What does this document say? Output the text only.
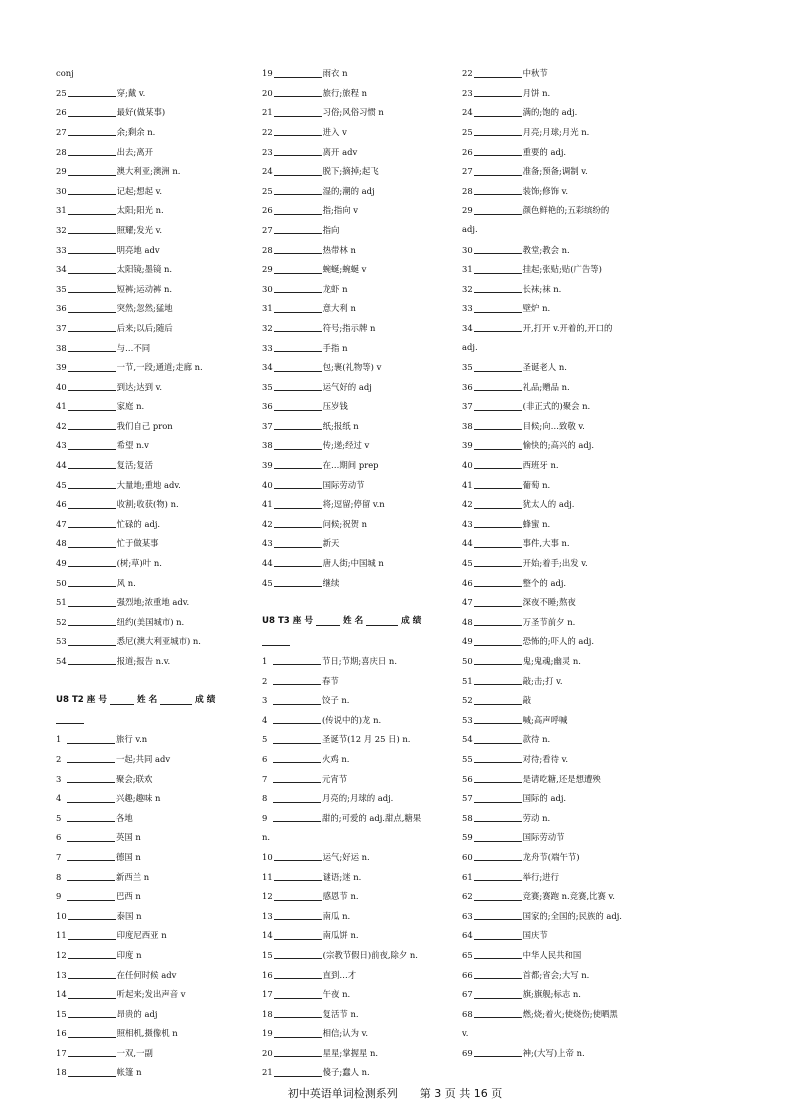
conj
25	穿;戴 v.
26	最好(做某事)
27	余;剩余 n.
28	出去;离开
29	澳大利亚;澳洲 n.
30	记起;想起 v.
31	太阳;阳光 n.
32	照耀;发光 v.
33	明亮地 adv
34	太阳镜;墨镜 n.
35	短裤;运动裤 n.
36	突然;忽然;猛地
37	后来;以后;随后
38	与…不同
39	一节,一段;通道;走廊 n.
40	到达;达到 v.
41	家庭 n.
42	我们自己 pron
43	希望 n.v
44	复活;复活
45	大量地;重地 adv.
46	收割;收获(物) n.
47	忙碌的 adj.
48	忙于做某事
49	(树;草)叶 n.
50	风 n.
51	强烈地;浓重地 adv.
52	纽约(美国城市) n.
53	悉尼(澳大利亚城市) n.
54	报道;报告 n.v.
U8 T2
座 号	姓 名	成 绩
1	旅行 v.n
2	一起;共同 adv
3	聚会;联欢
4	兴趣;趣味 n
5	各地
6	英国 n
7	德国 n
8	新西兰 n
9	巴西 n
10	泰国 n
11	印度尼西亚 n
12	印度 n
13	在任何时候 adv
14	听起来;发出声音 v
15	昂贵的 adj
16	照相机,摄像机 n
17	一双,一副
18	帐篷 n
19	雨衣 n
20	旅行;旅程 n
21	习俗;风俗习惯 n
22	进入 v
23	离开 adv
24	脱下;摘掉;起飞
25	湿的;潮的 adj
26	指;指向 v
27	指向
28	热带林 n
29	蜿蜒;蜿蜒 v
30	龙虾 n
31	意大利 n
32	符号;指示牌 n
33	手指 n
34	包;裹(礼物等) v
35	运气好的 adj
36	压岁钱
37	纸;报纸 n
38	传;递;经过 v
39	在…期间 prep
40	国际劳动节
41	将;逗留;停留 v.n
42	问候;祝贺 n
43	新天
44	唐人街;中国城 n
45	继续
U8 T3
座 号	姓 名	成 绩
1	节日;节期;喜庆日 n.
2	春节
3	饺子 n.
4	(传说中的)龙 n.
5	圣诞节(12 月 25 日) n.
6	火鸡 n.
7	元宵节
8	月亮的;月球的 adj.
9	甜的;可爱的 adj.甜点,糖果
n.
10	运气;好运 n.
11	谜语;迷 n.
12	感恩节 n.
13	南瓜 n.
14	南瓜饼 n.
15	(宗教节假日)前夜,除夕 n.
16	直到…才
17	午夜 n.
18	复活节 n.
19	相信;认为 v.
20	星星;掌握星 n.
21	傻子;蠢人 n.
22	中秋节
23	月饼 n.
24	满的;饱的 adj.
25	月亮;月球;月光 n.
26	重要的 adj.
27	准备;预备;调制 v.
28	装饰;修饰 v.
29	颜色鲜艳的;五彩缤纷的
adj.
30	教堂;教会 n.
31	挂起;张贴;贴(广告等)
32	长袜;袜 n.
33	壁炉 n.
34	开,打开 v.开着的,开口的
adj.
35	圣诞老人 n.
36	礼品;赠品 n.
37	(非正式的)聚会 n.
38	目候;向…致敬 v.
39	愉快的;高兴的 adj.
40	西班牙 n.
41	葡萄 n.
42	犹太人的 adj.
43	蜂蜜 n.
44	事件,大事 n.
45	开始;着手;出发 v.
46	整个的 adj.
47	深夜不睡;熬夜
48	万圣节前夕 n.
49	恐怖的;吓人的 adj.
50	鬼;鬼魂;幽灵 n.
51	敲;击;打 v.
52	敲
53	喊;高声呼喊
54	款待 n.
55	对待;看待 v.
56	是请吃糖,还是想遭殃
57	国际的 adj.
58	劳动 n.
59	国际劳动节
60	龙舟节(端午节)
61	举行;进行
62	竞赛;赛跑 n.竞赛,比赛 v.
63	国家的;全国的;民族的 adj.
64	国庆节
65	中华人民共和国
66	首都;省会;大写 n.
67	旗;旗舰;标志 n.
68	燃;烧;着火;使烧伤;使晒黑
v.
69	神;(大写)上帝 n.
初中英语单词检测系列　　第 3 页 共 16 页
